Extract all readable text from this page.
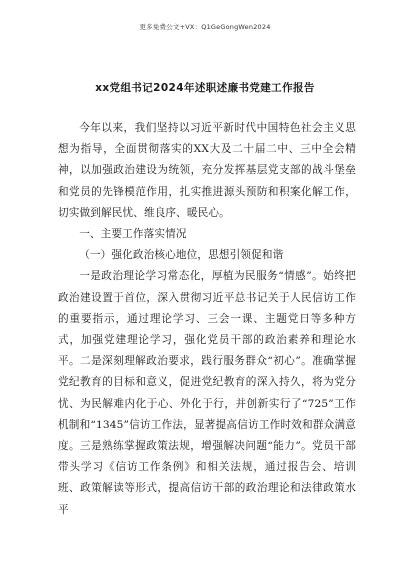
更多免费公文+VX：Q1GeGongWen2024
xx党组书记2024年述职述廉书党建工作报告

今年以来，我们坚持以习近平新时代中国特色社会主义思想为指导，全面贯彻落实的XX大及二十届二中、三中全会精神，以加强政治建设为统领，充分发挥基层党支部的战斗堡垒和党员的先锋模范作用，扎实推进源头预防和积案化解工作，切实做到解民忧、维良序、暖民心。

一、主要工作落实情况

（一）强化政治核心地位，思想引领促和谐

一是政治理论学习常态化，厚植为民服务“情感”。始终把政治建设置于首位，深入贯彻习近平总书记关于人民信访工作的重要指示，通过理论学习、三会一课、主题党日等多种方式，加强党建理论学习，强化党员干部的政治素养和理论水平。二是深刻理解政治要求，践行服务群众“初心”。准确掌握党纪教育的目标和意义，促进党纪教育的深入持久，将为党分忧、为民解难内化于心、外化于行，并创新实行了“725”工作机制和“1345”信访工作法，显著提高信访工作时效和群众满意度。三是熟练掌握政策法规，增强解决问题“能力”。党员干部带头学习《信访工作条例》和相关法规，通过报告会、培训班、政策解读等形式，提高信访干部的政治理论和法律政策水平
